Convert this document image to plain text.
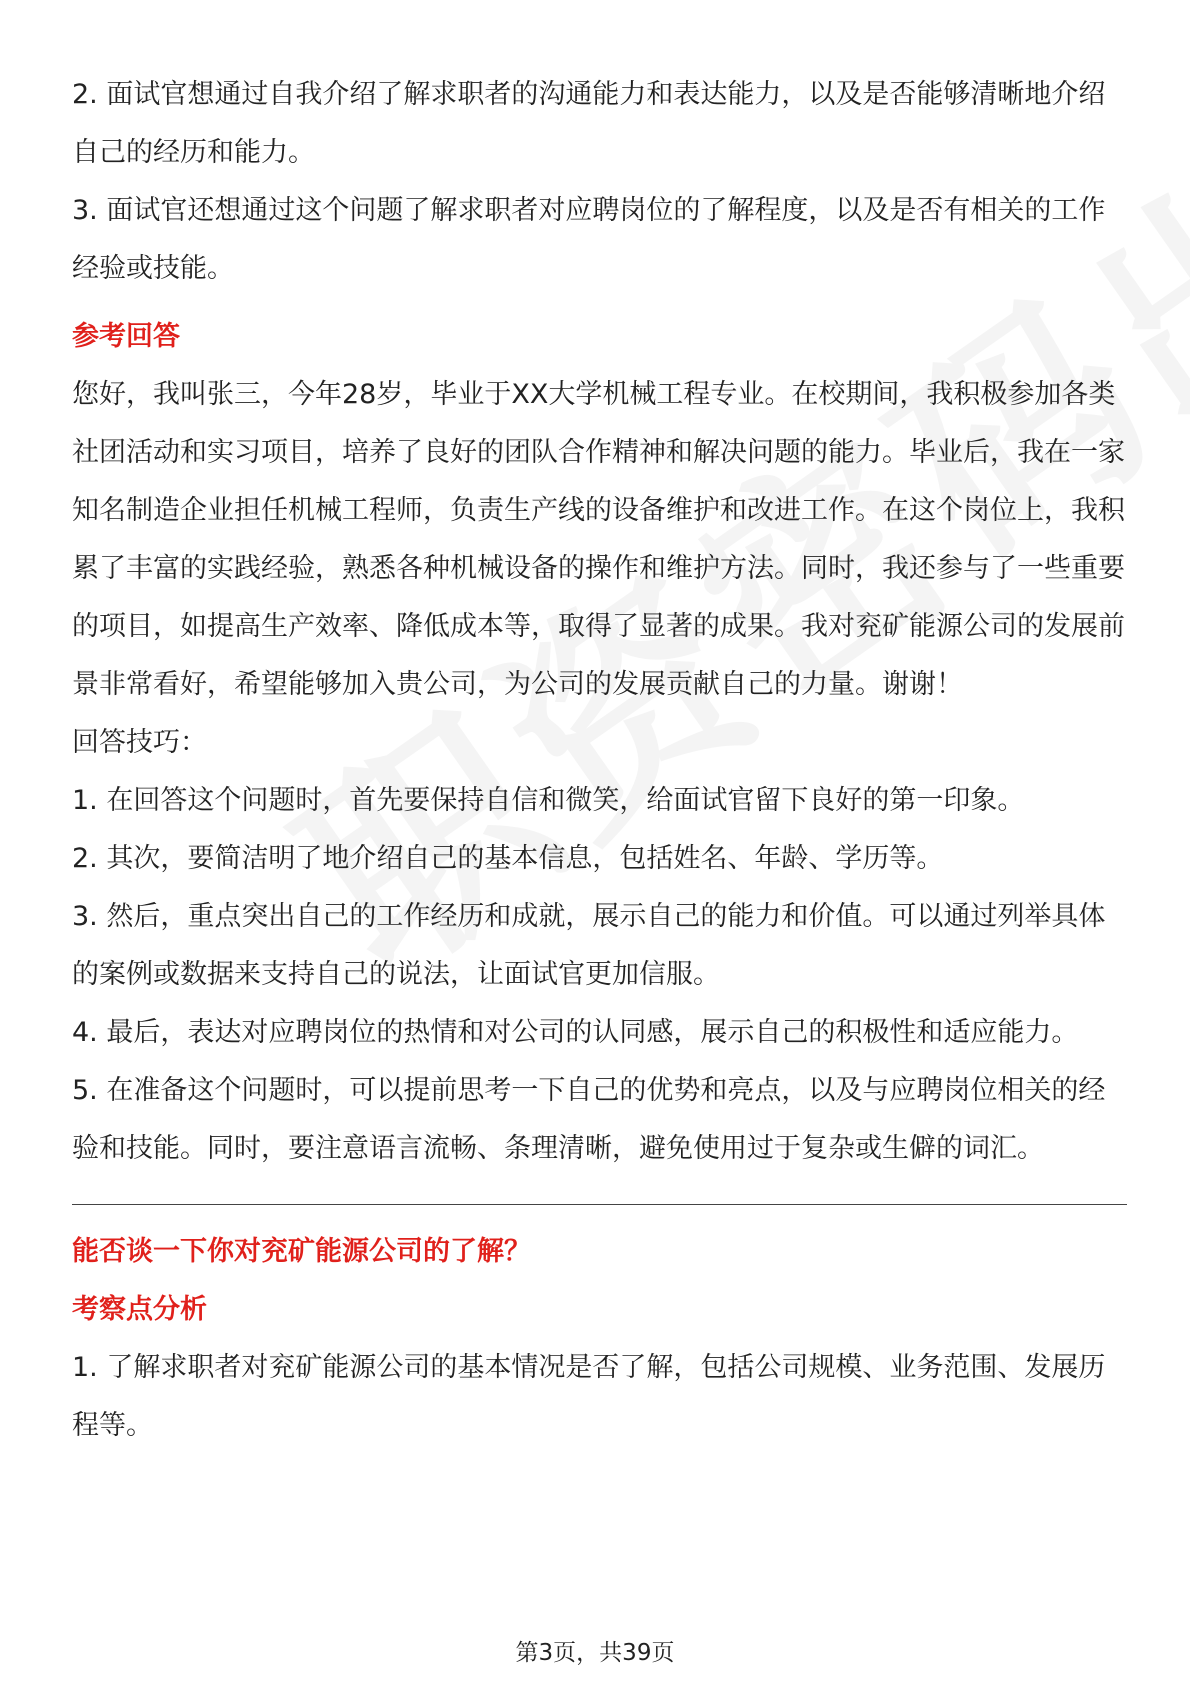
2. 面试官想通过自我介绍了解求职者的沟通能力和表达能力，以及是否能够清晰地介绍自己的经历和能力。

3. 面试官还想通过这个问题了解求职者对应聘岗位的了解程度，以及是否有相关的工作经验或技能。

参考回答

您好，我叫张三，今年28岁，毕业于XX大学机械工程专业。在校期间，我积极参加各类社团活动和实习项目，培养了良好的团队合作精神和解决问题的能力。毕业后，我在一家知名制造企业担任机械工程师，负责生产线的设备维护和改进工作。在这个岗位上，我积累了丰富的实践经验，熟悉各种机械设备的操作和维护方法。同时，我还参与了一些重要的项目，如提高生产效率、降低成本等，取得了显著的成果。我对兖矿能源公司的发展前景非常看好，希望能够加入贵公司，为公司的发展贡献自己的力量。谢谢！

回答技巧：

1. 在回答这个问题时，首先要保持自信和微笑，给面试官留下良好的第一印象。

2. 其次，要简洁明了地介绍自己的基本信息，包括姓名、年龄、学历等。

3. 然后，重点突出自己的工作经历和成就，展示自己的能力和价值。可以通过列举具体的案例或数据来支持自己的说法，让面试官更加信服。

4. 最后，表达对应聘岗位的热情和对公司的认同感，展示自己的积极性和适应能力。

5. 在准备这个问题时，可以提前思考一下自己的优势和亮点，以及与应聘岗位相关的经验和技能。同时，要注意语言流畅、条理清晰，避免使用过于复杂或生僻的词汇。

能否谈一下你对兖矿能源公司的了解？

考察点分析

1. 了解求职者对兖矿能源公司的基本情况是否了解，包括公司规模、业务范围、发展历程等。

第3页，共39页
